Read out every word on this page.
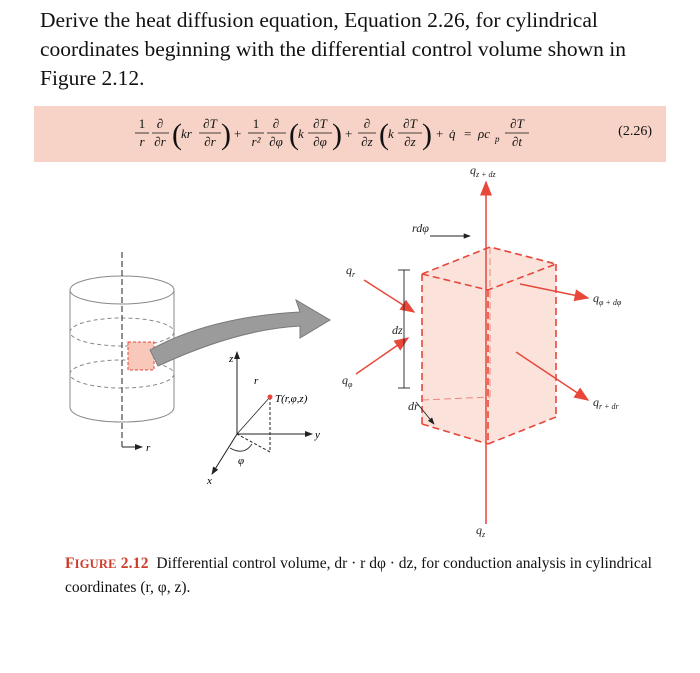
Derive the heat diffusion equation, Equation 2.26, for cylindrical coordinates beginning with the differential control volume shown in Figure 2.12.
1
r
∂
∂r ( kr
∂T
∂r ) +
1
r²
∂
∂φ ( k
∂T
∂φ ) +
∂
∂z ( k
∂T
∂z ) + q̇ = ρc p
∂T
∂t
(2.26)
r
z
r
T(r,φ,z)
y
x
φ
$q_{z + dz}$
rdφ
$q_r$
$q_{\varphi + d\varphi}$
dz
$q_\varphi$
$q_{r + dr}$
dr
$q_z$
FIGURE 2.12 Differential control volume, dr · r dφ · dz, for conduction analysis in cylindrical coordinates (r, φ, z).
